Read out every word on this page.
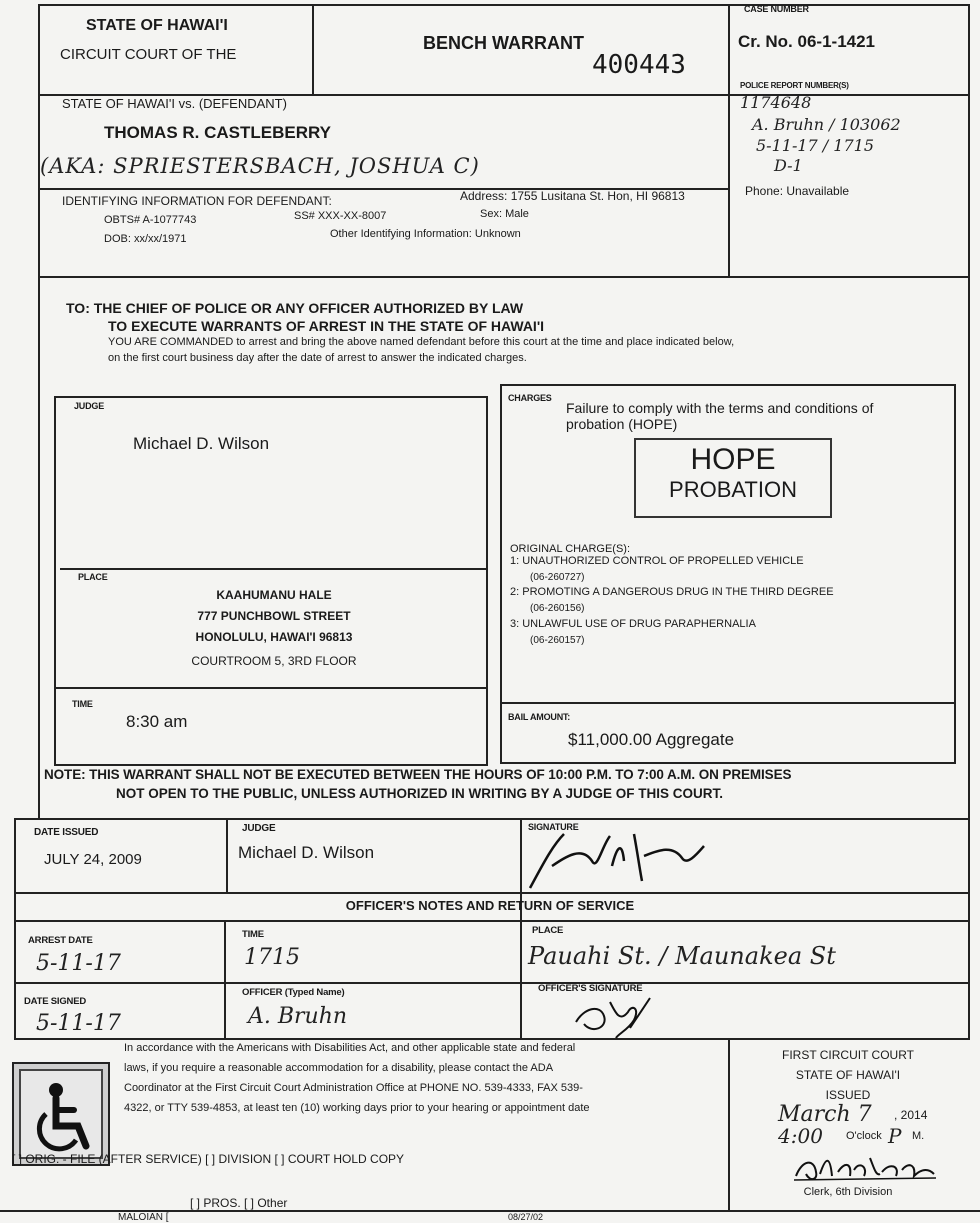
STATE OF HAWAI'I
CIRCUIT COURT OF THE
BENCH WARRANT
400443
CASE NUMBER
Cr. No. 06-1-1421
POLICE REPORT NUMBER(S)
1174648
A. Bruhn / 103062
5-11-17 / 1715
D-1
STATE OF HAWAI'I vs. (DEFENDANT)
THOMAS R. CASTLEBERRY
(AKA: SPRIESTERSBACH, JOSHUA C)
IDENTIFYING INFORMATION FOR DEFENDANT:	Address: 1755 Lusitana St. Hon, HI 96813	Phone: Unavailable
OBTS# A-1077743	SS# XXX-XX-8007	Sex: Male
DOB: xx/xx/1971	Other Identifying Information: Unknown
TO: THE CHIEF OF POLICE OR ANY OFFICER AUTHORIZED BY LAW
TO EXECUTE WARRANTS OF ARREST IN THE STATE OF HAWAI'I
YOU ARE COMMANDED to arrest and bring the above named defendant before this court at the time and place indicated below,
on the first court business day after the date of arrest to answer the indicated charges.
JUDGE
Michael D. Wilson
PLACE
KAAHUMANU HALE
777 PUNCHBOWL STREET
HONOLULU, HAWAI'I 96813
COURTROOM 5, 3RD FLOOR
TIME
8:30 am
CHARGES
Failure to comply with the terms and conditions of
probation (HOPE)
HOPE
PROBATION
ORIGINAL CHARGE(S):
1: UNAUTHORIZED CONTROL OF PROPELLED VEHICLE
(06-260727)
2: PROMOTING A DANGEROUS DRUG IN THE THIRD DEGREE
(06-260156)
3: UNLAWFUL USE OF DRUG PARAPHERNALIA
(06-260157)
BAIL AMOUNT:
$11,000.00 Aggregate
NOTE: THIS WARRANT SHALL NOT BE EXECUTED BETWEEN THE HOURS OF 10:00 P.M. TO 7:00 A.M. ON PREMISES
NOT OPEN TO THE PUBLIC, UNLESS AUTHORIZED IN WRITING BY A JUDGE OF THIS COURT.
DATE ISSUED
JULY 24, 2009
JUDGE
Michael D. Wilson
SIGNATURE
OFFICER'S NOTES AND RETURN OF SERVICE
ARREST DATE
5-11-17
TIME
1715
PLACE
Pauahi St. / Maunakea St
DATE SIGNED
5-11-17
OFFICER (Typed Name)
A. Bruhn
OFFICER'S SIGNATURE
In accordance with the Americans with Disabilities Act, and other applicable state and federal
laws, if you require a reasonable accommodation for a disability, please contact the ADA
Coordinator at the First Circuit Court Administration Office at PHONE NO. 539-4333, FAX 539-
4322, or TTY 539-4853, at least ten (10) working days prior to your hearing or appointment date
[ ] ORIG. - FILE (AFTER SERVICE) [ ] DIVISION [ ] COURT HOLD COPY
[ ] PROS. [ ] Other
FIRST CIRCUIT COURT
STATE OF HAWAI'I
ISSUED
March 7 , 2014
4:00 O'clock P M.
Clerk, 6th Division
MALOIAN [	08/27/02
